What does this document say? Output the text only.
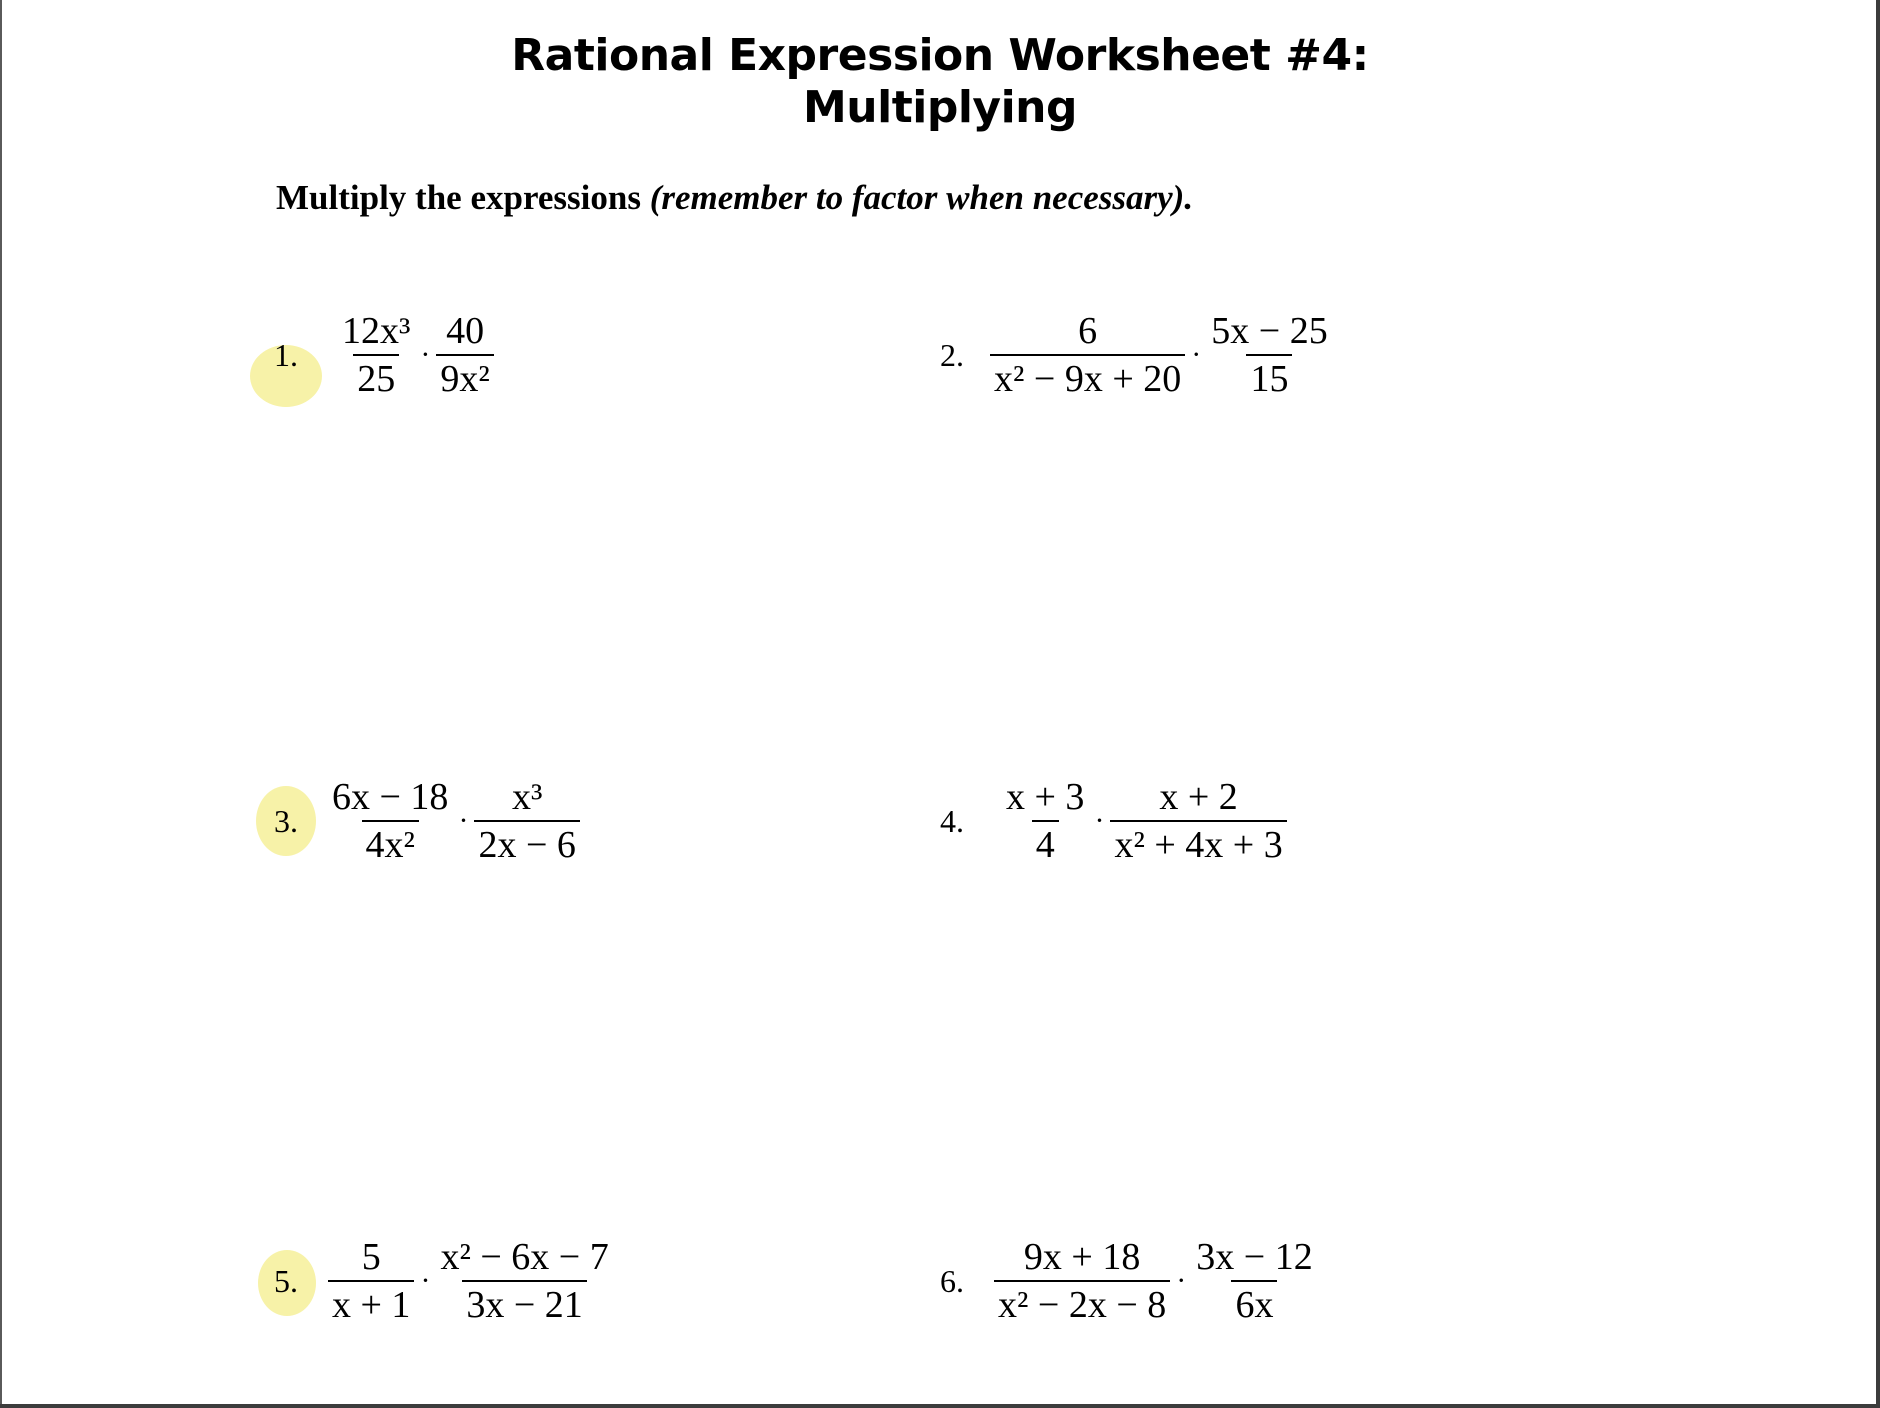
Rational Expression Worksheet #4:
Multiplying
Multiply the expressions (remember to factor when necessary).
1. $\frac{\text{12x³}}{25} \cdot \frac{40}{\text{9x²}}$	2. $\frac{6}{\text{x² − 9x + 20}} \cdot \frac{5x - 25}{15}$
3. $\frac{6x - 18}{\text{4x²}} \cdot \frac{\text{x³}}{2x - 6}$	4. $\frac{x + 3}{4} \cdot \frac{x + 2}{\text{x² + 4x + 3}}$
5. $\frac{5}{x + 1} \cdot \frac{\text{x² − 6x − 7}}{3x - 21}$	6. $\frac{9x + 18}{\text{x² − 2x − 8}} \cdot \frac{3x - 12}{6x}$
